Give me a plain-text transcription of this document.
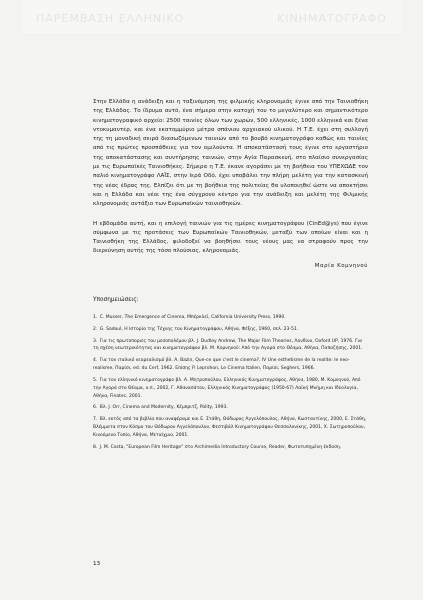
ΠΑΡΕΜΒΑΣΗ ΕΛΛΗΝΙΚΟ	ΚΙΝΗΜΑΤΟΓΡΑΦΟ

Στην Ελλάδα η ανάδειξη και η ταξινόμηση της φιλμικής κληρονομιάς έγινε από την Ταινιοθήκη της Ελλάδας. Το ίδρυμα αυτό, ένα σήμερα στην κατοχή του το μεγαλύτερο και σημαντικότερο κινηματογραφικό αρχείο: 2500 ταινίες όλων των χωρών, 500 ελληνικές, 1000 ελληνικά και ξένα ντοκυμαντέρ, και ένα εκατομμύριο μέτρα σπάνιου αρχειακού υλικού. Η Τ.Ε. έχει στη συλλογή της τη μοναδική σειρά διασωζόμενων ταινιών από το βουβό κινηματογράφο καθώς και ταινίες από τις πρώτες προσπάθειες για τον ομιλούντα. Η αποκατάστασή τους έγινε στο εργαστήριο της αποκατάστασης και συντήρησης ταινιών, στην Αγία Παρασκευή, στο πλαίσιο συνεργασίας με τις Ευρωπαϊκές Ταινιοθήκες. Σήμερα η Τ.Ε. έκανε αγοράσει με τη βοήθεια του ΥΠΕΧΩΔΕ τον παλιό κινηματογράφο ΛΑΪΣ, στην Ιερά Οδό, έχει υποβάλει την πλήρη μελέτη για την κατασκευή της νέας έδρας της. Ελπίζει ότι με τη βοήθεια της πολιτείας θα υλοποιηθεί ώστε να αποκτήσει και η Ελλάδα και νέοι της ένα σύγχρονο κέντρο για την ανάδειξη και μελέτη της Φιλμικής κληρονομιάς αντάξιο των Ευρωπαϊκών ταινιοθηκών.

Η εβδομάδα αυτή, και η επιλογή ταινιών για τις ημέρες κινηματογράφου (CinEd@ys) που έγινε σύμφωνα με τις προτάσεις των Ευρωπαϊκών Ταινιοθηκών, μεταξύ των οποίων είναι και η Ταινιοθήκη της Ελλάδος, φιλοδοξεί να βοηθήσει τους νέους μας να στραφούν προς την διερεύνηση αυτής της τόσο πλούσιας, κληρονομιάς.

Μαρία Κομνηνού
Υποσημειώσεις:
1. C. Musser, The Emergence of Cinema, Μπέρκλεϊ, California University Press, 1990.
2. G. Sadoul, Η Ιστορία της Τέχνης του Κινηματογράφου, Αθήνα, Φέξης, 1960, σελ. 23-51.
3. Για τις πρωτοποριες του μεσοπολέμου βλ. J. Dudley Andrew, The Major Film Theories, Λονδίνο, Oxford UP, 1976. Για τη σχέση νεωτερικότητας και κινηματογράφου βλ. Μ. Κομνηνού: Από την Αγορά στο Θέαμα, Αθήνα, Παπαζήσης, 2001.
4. Για τον ιταλικό νεορεαλισμό βλ. A. Bazin, Que-ce que c'est le cinema?, IV Une esthetisme de la realite: le neo-realisme, Παρίσι, ed. du Cerf, 1962. Επίσης P. Leprohon, Le Cinema Italien, Παρίσι, Seghers, 1966.
5. Για τον ελληνικό κινηματογράφο βλ. Α. Μητροπούλου, Ελληνικός Κινηματογράφος, Αθήνα, 1980, Μ. Κομνηνού, Από την Αγορά στο Θέαμα, ο.π., 2002, Γ. Αθανασάτου, Ελληνικός Κινηματογράφος (1950-67) Λαϊκή Μνήμη και Ιδεολογία, Αθήνα, Finatec, 2001.
6. Βλ. J. Orr, Cinema and Modernity, Κέμπριτζ, Polity, 1993.
7. Βλ. εκτός από τα βιβλία που αναφέραμε και Ε. Στάθη, Θόδωρος Αγγελόπουλος, Αθήνα, Κωσταντίνης, 2000, Ε. Στάθη, Βλέμματα στον Κόσμο του Θόδωρου Αγγελόπουλου, Φεστιβάλ Κινηματογράφου Θεσσαλονίκης, 2001, Χ. Σωτηροπούλου, Κινούμενο Τοπίο, Αθήνα, Μεταίχμιο, 2001.
8. J. M. Costa, "European Film Heritage" στο Archimedia Introductory Course, Reader, Φωτοτυπημένη έκδοση.
13
